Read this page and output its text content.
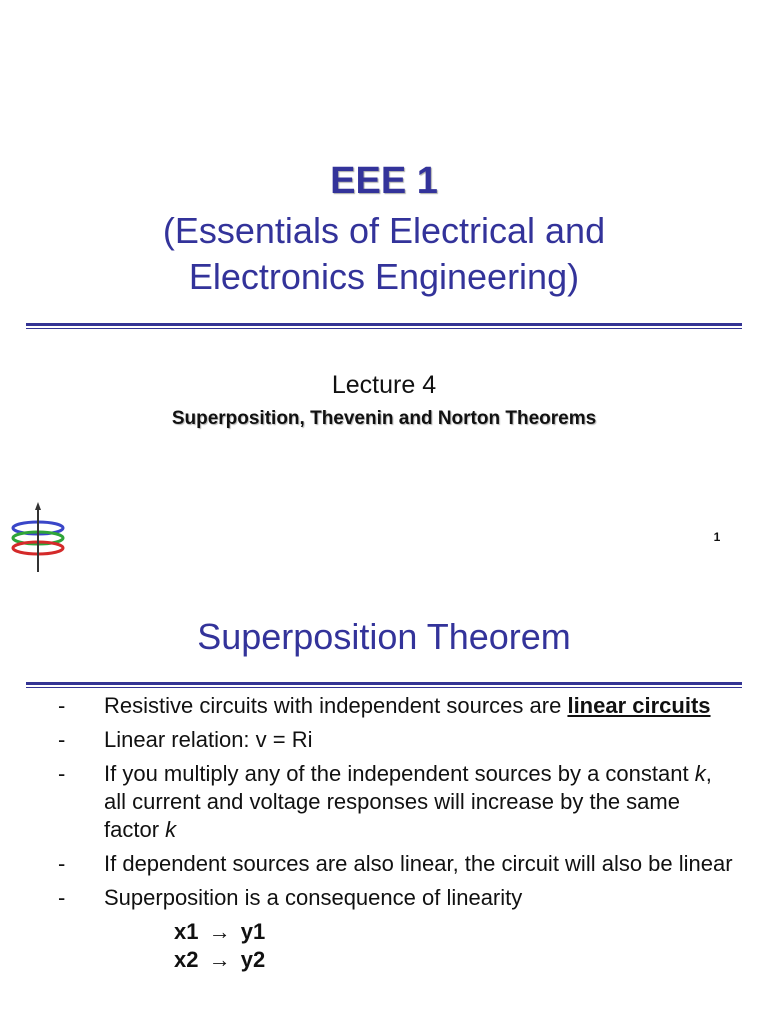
EEE 1
(Essentials of Electrical and
Electronics Engineering)
Lecture 4
Superposition, Thevenin and Norton Theorems
1
Superposition Theorem
- Resistive circuits with independent sources are linear circuits
- Linear relation: v = Ri
- If you multiply any of the independent sources by a constant k, all current and voltage responses will increase by the same factor k
- If dependent sources are also linear, the circuit will also be linear
- Superposition is a consequence of linearity
x1 → y1
x2 → y2
